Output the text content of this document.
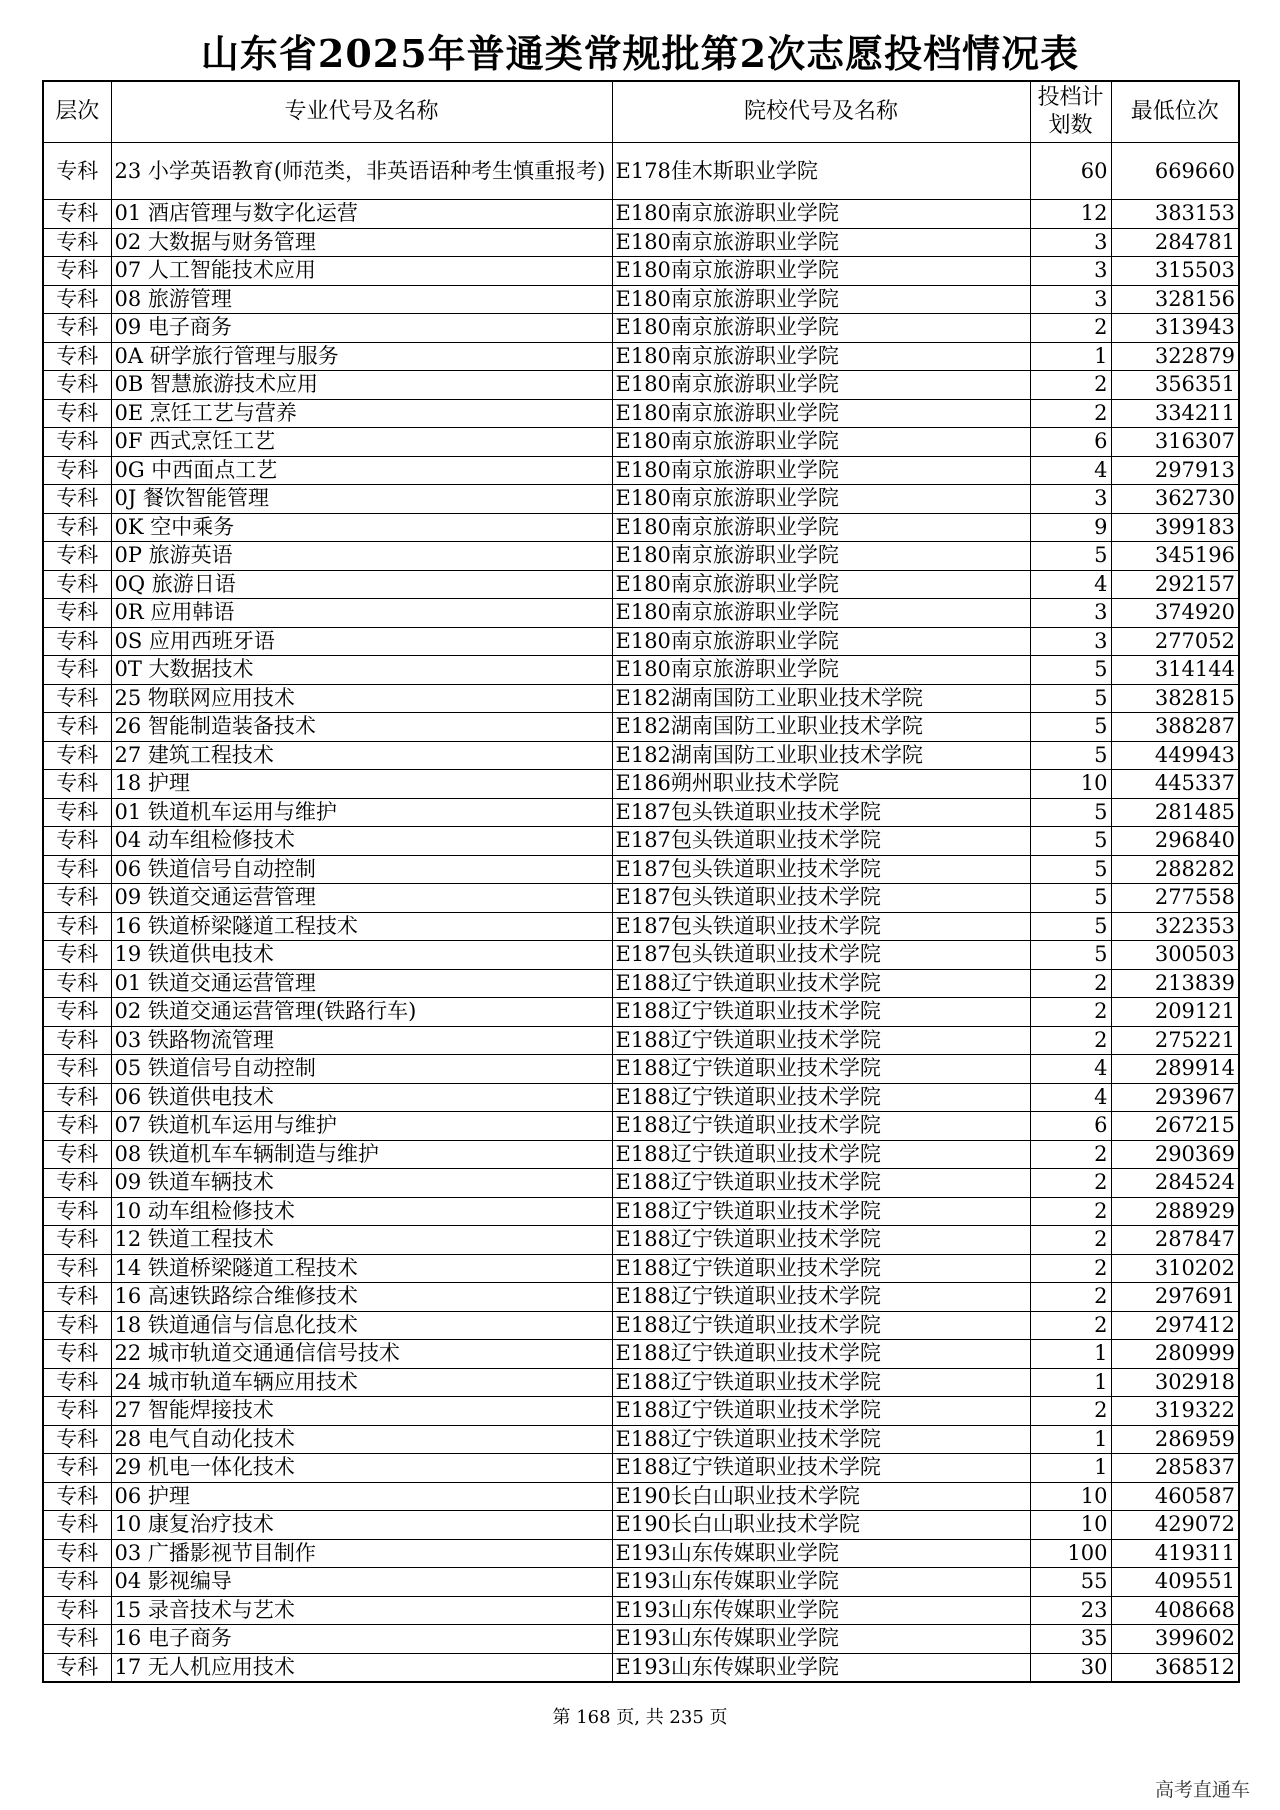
山东省2025年普通类常规批第2次志愿投档情况表
层次	专业代号及名称	院校代号及名称	投档计划数	最低位次
专科	23 小学英语教育(师范类，非英语语种考生慎重报考)	E178佳木斯职业学院	60	669660
专科	01 酒店管理与数字化运营	E180南京旅游职业学院	12	383153
专科	02 大数据与财务管理	E180南京旅游职业学院	3	284781
专科	07 人工智能技术应用	E180南京旅游职业学院	3	315503
专科	08 旅游管理	E180南京旅游职业学院	3	328156
专科	09 电子商务	E180南京旅游职业学院	2	313943
专科	0A 研学旅行管理与服务	E180南京旅游职业学院	1	322879
专科	0B 智慧旅游技术应用	E180南京旅游职业学院	2	356351
专科	0E 烹饪工艺与营养	E180南京旅游职业学院	2	334211
专科	0F 西式烹饪工艺	E180南京旅游职业学院	6	316307
专科	0G 中西面点工艺	E180南京旅游职业学院	4	297913
专科	0J 餐饮智能管理	E180南京旅游职业学院	3	362730
专科	0K 空中乘务	E180南京旅游职业学院	9	399183
专科	0P 旅游英语	E180南京旅游职业学院	5	345196
专科	0Q 旅游日语	E180南京旅游职业学院	4	292157
专科	0R 应用韩语	E180南京旅游职业学院	3	374920
专科	0S 应用西班牙语	E180南京旅游职业学院	3	277052
专科	0T 大数据技术	E180南京旅游职业学院	5	314144
专科	25 物联网应用技术	E182湖南国防工业职业技术学院	5	382815
专科	26 智能制造装备技术	E182湖南国防工业职业技术学院	5	388287
专科	27 建筑工程技术	E182湖南国防工业职业技术学院	5	449943
专科	18 护理	E186朔州职业技术学院	10	445337
专科	01 铁道机车运用与维护	E187包头铁道职业技术学院	5	281485
专科	04 动车组检修技术	E187包头铁道职业技术学院	5	296840
专科	06 铁道信号自动控制	E187包头铁道职业技术学院	5	288282
专科	09 铁道交通运营管理	E187包头铁道职业技术学院	5	277558
专科	16 铁道桥梁隧道工程技术	E187包头铁道职业技术学院	5	322353
专科	19 铁道供电技术	E187包头铁道职业技术学院	5	300503
专科	01 铁道交通运营管理	E188辽宁铁道职业技术学院	2	213839
专科	02 铁道交通运营管理(铁路行车)	E188辽宁铁道职业技术学院	2	209121
专科	03 铁路物流管理	E188辽宁铁道职业技术学院	2	275221
专科	05 铁道信号自动控制	E188辽宁铁道职业技术学院	4	289914
专科	06 铁道供电技术	E188辽宁铁道职业技术学院	4	293967
专科	07 铁道机车运用与维护	E188辽宁铁道职业技术学院	6	267215
专科	08 铁道机车车辆制造与维护	E188辽宁铁道职业技术学院	2	290369
专科	09 铁道车辆技术	E188辽宁铁道职业技术学院	2	284524
专科	10 动车组检修技术	E188辽宁铁道职业技术学院	2	288929
专科	12 铁道工程技术	E188辽宁铁道职业技术学院	2	287847
专科	14 铁道桥梁隧道工程技术	E188辽宁铁道职业技术学院	2	310202
专科	16 高速铁路综合维修技术	E188辽宁铁道职业技术学院	2	297691
专科	18 铁道通信与信息化技术	E188辽宁铁道职业技术学院	2	297412
专科	22 城市轨道交通通信信号技术	E188辽宁铁道职业技术学院	1	280999
专科	24 城市轨道车辆应用技术	E188辽宁铁道职业技术学院	1	302918
专科	27 智能焊接技术	E188辽宁铁道职业技术学院	2	319322
专科	28 电气自动化技术	E188辽宁铁道职业技术学院	1	286959
专科	29 机电一体化技术	E188辽宁铁道职业技术学院	1	285837
专科	06 护理	E190长白山职业技术学院	10	460587
专科	10 康复治疗技术	E190长白山职业技术学院	10	429072
专科	03 广播影视节目制作	E193山东传媒职业学院	100	419311
专科	04 影视编导	E193山东传媒职业学院	55	409551
专科	15 录音技术与艺术	E193山东传媒职业学院	23	408668
专科	16 电子商务	E193山东传媒职业学院	35	399602
专科	17 无人机应用技术	E193山东传媒职业学院	30	368512
第 168 页, 共 235 页
高考直通车
